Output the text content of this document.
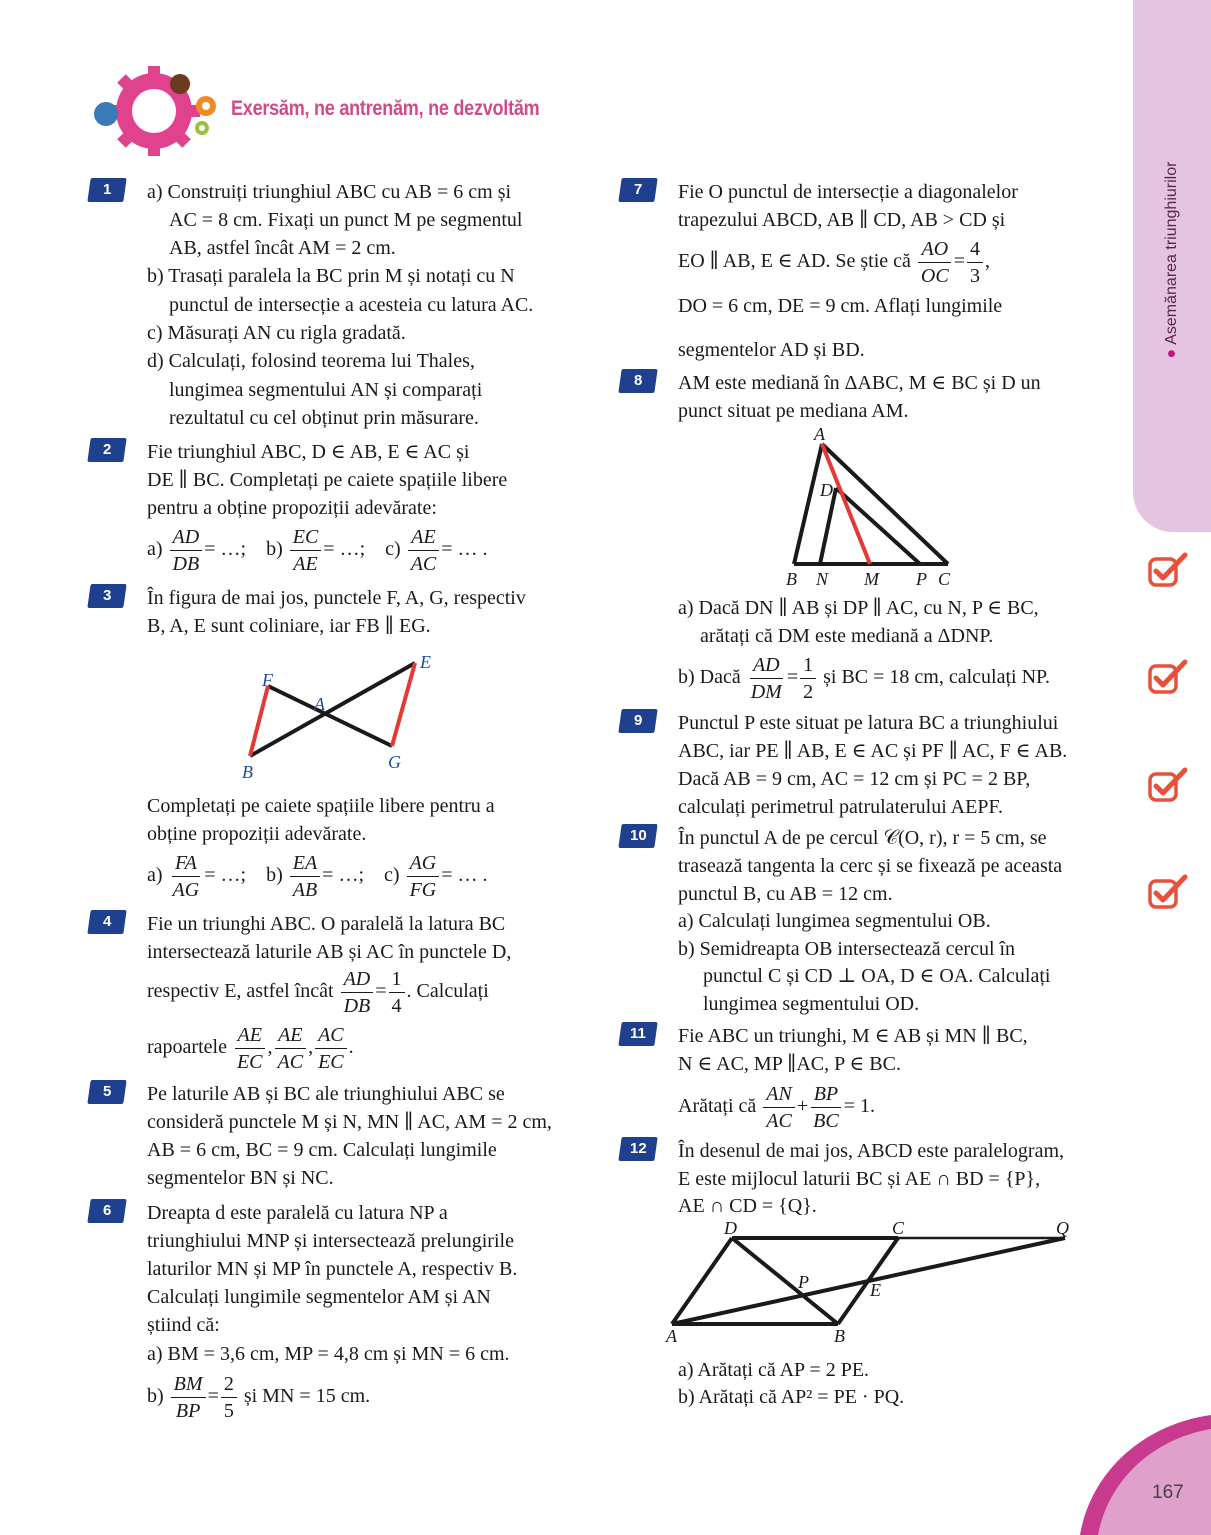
●Asemănarea triunghiurilor
167
Exersăm, ne antrenăm, ne dezvoltăm
1	a) Construiți triunghiul ABC cu AB = 6 cm și
AC = 8 cm. Fixați un punct M pe segmentul
AB, astfel încât AM = 2 cm.
b) Trasați paralela la BC prin M și notați cu N
punctul de intersecție a acesteia cu latura AC.
c) Măsurați AN cu rigla gradată.
d) Calculați, folosind teorema lui Thales,
lungimea segmentului AN și comparați
rezultatul cu cel obținut prin măsurare.
2	Fie triunghiul ABC, D ∈ AB, E ∈ AC și
DE ∥ BC. Completați pe caiete spațiile libere
pentru a obține propoziții adevărate:
$a) \frac{AD}{DB}$ = …; $b) \frac{EC}{AE}$ = …; $c) \frac{AE}{AC}$ = … .
3	În figura de mai jos, punctele F, A, G, respectiv
B, A, E sunt coliniare, iar FB ∥ EG.
F
A
E
B	G
Completați pe caiete spațiile libere pentru a
obține propoziții adevărate.
$a) \frac{FA}{AG}$ = …; $b) \frac{EA}{AB}$ = …; $c) \frac{AG}{FG}$ = … .
4	Fie un triunghi ABC. O paralelă la latura BC
intersectează laturile AB și AC în punctele D,
respectiv E, astfel încât $\frac{AD}{DB} = \frac{1}{4}$ . Calculați
rapoartele $\frac{AE}{EC}$ , $\frac{AE}{AC}$ , $\frac{AC}{EC}$ .
5	Pe laturile AB și BC ale triunghiului ABC se
consideră punctele M și N, MN ∥ AC, AM = 2 cm,
AB = 6 cm, BC = 9 cm. Calculați lungimile
segmentelor BN și NC.
6	Dreapta d este paralelă cu latura NP a
triunghiului MNP și intersectează prelungirile
laturilor MN și MP în punctele A, respectiv B.
Calculați lungimile segmentelor AM și AN
știind că:
a) BM = 3,6 cm, MP = 4,8 cm și MN = 6 cm.
$b) \frac{BM}{BP} = \frac{2}{5}$ și MN = 15 cm.
7	Fie O punctul de intersecție a diagonalelor
trapezului ABCD, AB ∥ CD, AB > CD și
EO ∥ AB, E ∈ AD. Se știe că $\frac{AO}{OC} = \frac{4}{3}$ ,
DO = 6 cm, DE = 9 cm. Aflați lungimile
segmentelor AD și BD.
8	AM este mediană în ΔABC, M ∈ BC și D un
punct situat pe mediana AM.
A
D
B N M P C
a) Dacă DN ∥ AB și DP ∥ AC, cu N, P ∈ BC,
arătați că DM este mediană a ΔDNP.
b) Dacă $\frac{AD}{DM} = \frac{1}{2}$ și BC = 18 cm, calculați NP.
9	Punctul P este situat pe latura BC a triunghiului
ABC, iar PE ∥ AB, E ∈ AC și PF ∥ AC, F ∈ AB.
Dacă AB = 9 cm, AC = 12 cm și PC = 2 BP,
calculați perimetrul patrulaterului AEPF.
10	În punctul A de pe cercul 𝒞(O, r), r = 5 cm, se
trasează tangenta la cerc și se fixează pe aceasta
punctul B, cu AB = 12 cm.
a) Calculați lungimea segmentului OB.
b) Semidreapta OB intersectează cercul în
punctul C și CD ⊥ OA, D ∈ OA. Calculați
lungimea segmentului OD.
11	Fie ABC un triunghi, M ∈ AB și MN ∥ BC,
N ∈ AC, MP ∥AC, P ∈ BC.
Arătați că $\frac{AN}{AC} + \frac{BP}{BC} = 1$.
12	În desenul de mai jos, ABCD este paralelogram,
E este mijlocul laturii BC și AE ∩ BD = {P},
AE ∩ CD = {Q}.
D	C	Q
P	E
A	B
a) Arătați că AP = 2 PE.
b) Arătați că AP² = PE · PQ.
